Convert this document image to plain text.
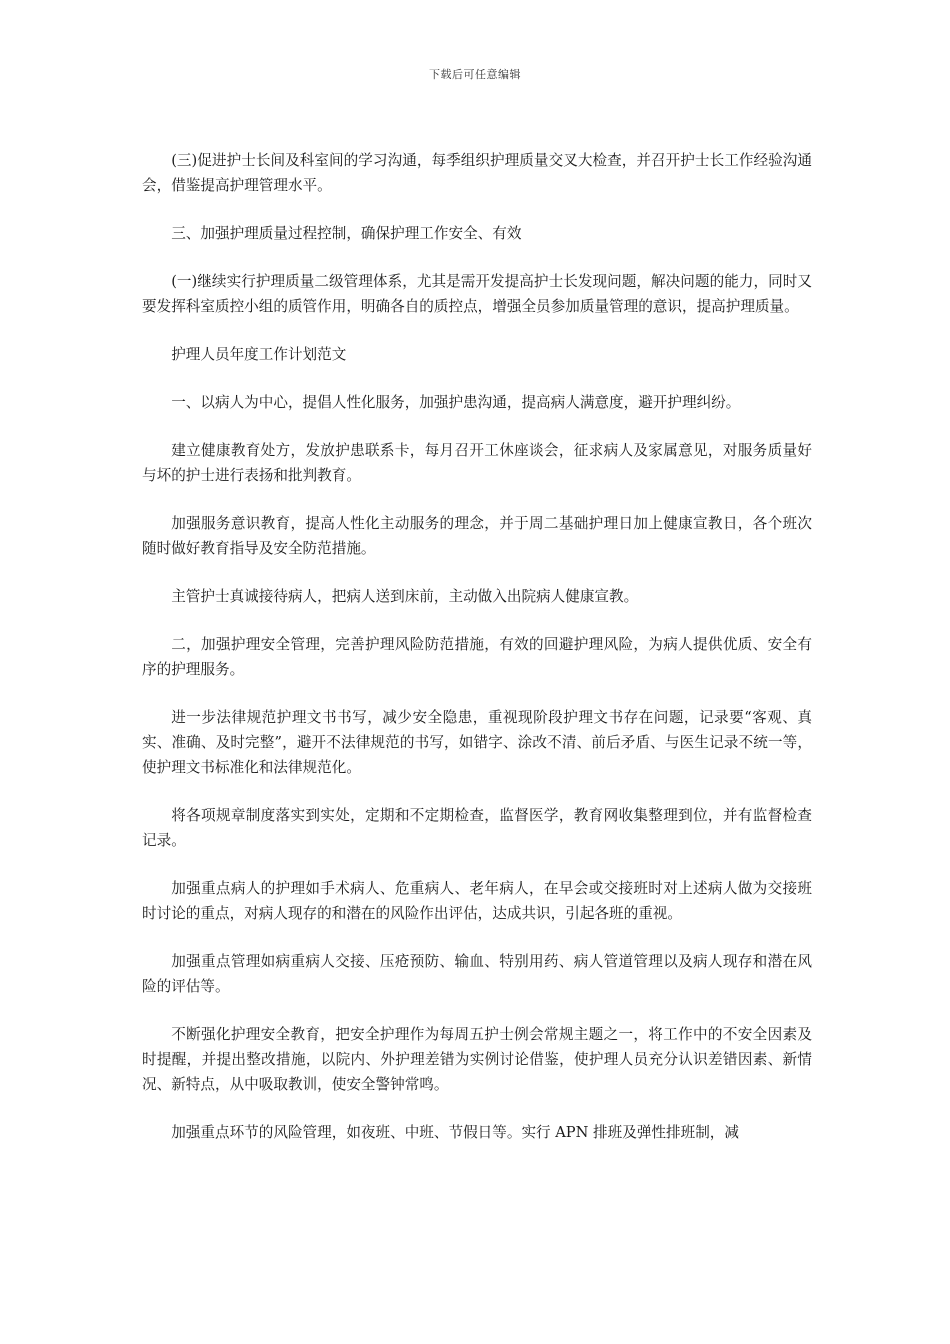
下载后可任意编辑

(三)促进护士长间及科室间的学习沟通，每季组织护理质量交叉大检查，并召开护士长工作经验沟通会，借鉴提高护理管理水平。

三、加强护理质量过程控制，确保护理工作安全、有效

(一)继续实行护理质量二级管理体系，尤其是需开发提高护士长发现问题，解决问题的能力，同时又要发挥科室质控小组的质管作用，明确各自的质控点，增强全员参加质量管理的意识，提高护理质量。

护理人员年度工作计划范文

一、以病人为中心，提倡人性化服务，加强护患沟通，提高病人满意度，避开护理纠纷。

建立健康教育处方，发放护患联系卡，每月召开工休座谈会，征求病人及家属意见，对服务质量好与坏的护士进行表扬和批判教育。

加强服务意识教育，提高人性化主动服务的理念，并于周二基础护理日加上健康宣教日，各个班次随时做好教育指导及安全防范措施。

主管护士真诚接待病人，把病人送到床前，主动做入出院病人健康宣教。

二，加强护理安全管理，完善护理风险防范措施，有效的回避护理风险，为病人提供优质、安全有序的护理服务。

进一步法律规范护理文书书写，减少安全隐患，重视现阶段护理文书存在问题，记录要“客观、真实、准确、及时完整”，避开不法律规范的书写，如错字、涂改不清、前后矛盾、与医生记录不统一等，使护理文书标准化和法律规范化。

将各项规章制度落实到实处，定期和不定期检查，监督医学，教育网收集整理到位，并有监督检查记录。

加强重点病人的护理如手术病人、危重病人、老年病人，在早会或交接班时对上述病人做为交接班时讨论的重点，对病人现存的和潜在的风险作出评估，达成共识，引起各班的重视。

加强重点管理如病重病人交接、压疮预防、输血、特别用药、病人管道管理以及病人现存和潜在风险的评估等。

不断强化护理安全教育，把安全护理作为每周五护士例会常规主题之一，将工作中的不安全因素及时提醒，并提出整改措施，以院内、外护理差错为实例讨论借鉴，使护理人员充分认识差错因素、新情况、新特点，从中吸取教训，使安全警钟常鸣。

加强重点环节的风险管理，如夜班、中班、节假日等。实行 APN 排班及弹性排班制，减
